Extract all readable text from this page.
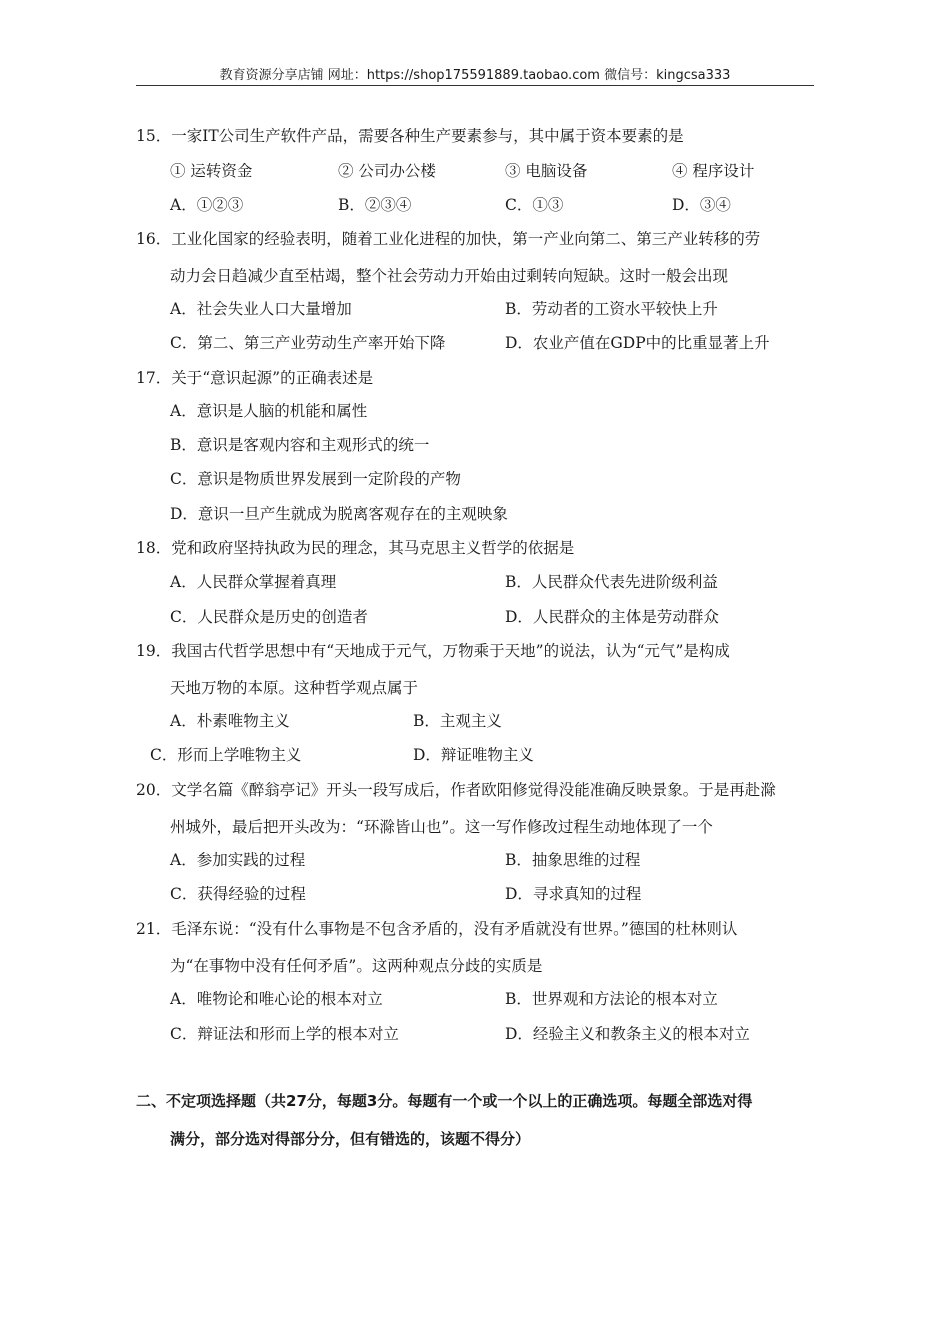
教育资源分享店铺 网址：https://shop175591889.taobao.com 微信号：kingcsa333
15．一家IT公司生产软件产品，需要各种生产要素参与，其中属于资本要素的是
① 运转资金	② 公司办公楼	③ 电脑设备	④ 程序设计
A．①②③	B．②③④	C．①③	D．③④
16．工业化国家的经验表明，随着工业化进程的加快，第一产业向第二、第三产业转移的劳
动力会日趋减少直至枯竭，整个社会劳动力开始由过剩转向短缺。这时一般会出现
A．社会失业人口大量增加	B．劳动者的工资水平较快上升
C．第二、第三产业劳动生产率开始下降	D．农业产值在GDP中的比重显著上升
17．关于“意识起源”的正确表述是
A．意识是人脑的机能和属性
B．意识是客观内容和主观形式的统一
C．意识是物质世界发展到一定阶段的产物
D．意识一旦产生就成为脱离客观存在的主观映象
18．党和政府坚持执政为民的理念，其马克思主义哲学的依据是
A．人民群众掌握着真理	B．人民群众代表先进阶级利益
C．人民群众是历史的创造者	D．人民群众的主体是劳动群众
19．我国古代哲学思想中有“天地成于元气，万物乘于天地”的说法，认为“元气”是构成
天地万物的本原。这种哲学观点属于
A．朴素唯物主义	B．主观主义
C．形而上学唯物主义	D．辩证唯物主义
20．文学名篇《醉翁亭记》开头一段写成后，作者欧阳修觉得没能准确反映景象。于是再赴滁
州城外，最后把开头改为：“环滁皆山也”。这一写作修改过程生动地体现了一个
A．参加实践的过程	B．抽象思维的过程
C．获得经验的过程	D．寻求真知的过程
21．毛泽东说：“没有什么事物是不包含矛盾的，没有矛盾就没有世界。”德国的杜林则认
为“在事物中没有任何矛盾”。这两种观点分歧的实质是
A．唯物论和唯心论的根本对立	B．世界观和方法论的根本对立
C．辩证法和形而上学的根本对立	D．经验主义和教条主义的根本对立
二、不定项选择题（共27分，每题3分。每题有一个或一个以上的正确选项。每题全部选对得
满分，部分选对得部分分，但有错选的，该题不得分）
